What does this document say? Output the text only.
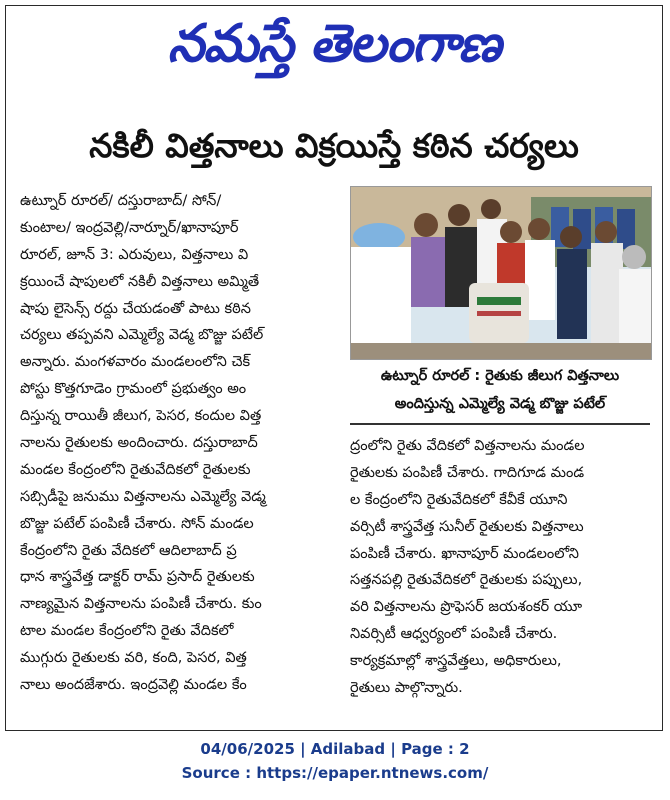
నమస్తే తెలంగాణ
నకిలీ విత్తనాలు విక్రయిస్తే కఠిన చర్యలు
ఉట్నూర్ రూరల్/ దస్తురాబాద్/ సోన్/
కుంటాల/ ఇంద్రవెల్లి/నార్నూర్/ఖానాపూర్
రూరల్, జూన్ 3: ఎరువులు, విత్తనాలు వి
క్రయించే షాపులలో నకిలీ విత్తనాలు అమ్మితే
షాపు లైసెన్స్ రద్దు చేయడంతో పాటు కఠిన
చర్యలు తప్పవని ఎమ్మెల్యే వెడ్మ బొజ్జు పటేల్
అన్నారు. మంగళవారం మండలంలోని చెక్
పోస్టు కొత్తగూడెం గ్రామంలో ప్రభుత్వం అం
దిస్తున్న రాయితీ జీలుగ, పెసర, కందుల విత్త
నాలను రైతులకు అందించారు. దస్తురాబాద్
మండల కేంద్రంలోని రైతువేదికలో రైతులకు
సబ్సిడీపై జనుము విత్తనాలను ఎమ్మెల్యే వెడ్మ
బొజ్జు పటేల్ పంపిణీ చేశారు. సోన్ మండల
కేంద్రంలోని రైతు వేదికలో ఆదిలాబాద్ ప్ర
ధాన శాస్త్రవేత్త డాక్టర్ రామ్ ప్రసాద్ రైతులకు
నాణ్యమైన విత్తనాలను పంపిణీ చేశారు. కుం
టాల మండల కేంద్రంలోని రైతు వేదికలో
ముగ్గురు రైతులకు వరి, కంది, పెసర, విత్త
నాలు అందజేశారు. ఇంద్రవెల్లి మండల కేం
ఉట్నూర్ రూరల్ : రైతుకు జీలుగ విత్తనాలు
అందిస్తున్న ఎమ్మెల్యే వెడ్మ బొజ్జు పటేల్
ద్రంలోని రైతు వేదికలో విత్తనాలను మండల
రైతులకు పంపిణీ చేశారు. గాదిగూడ మండ
ల కేంద్రంలోని రైతువేదికలో కేవీకే యూని
వర్సిటీ శాస్త్రవేత్త సునీల్ రైతులకు విత్తనాలు
పంపిణీ చేశారు. ఖానాపూర్ మండలంలోని
సత్తనపల్లి రైతువేదికలో రైతులకు పప్పులు,
వరి విత్తనాలను ప్రొఫెసర్ జయశంకర్ యూ
నివర్సిటీ ఆధ్వర్యంలో పంపిణీ చేశారు.
కార్యక్రమాల్లో శాస్త్రవేత్తలు, అధికారులు,
రైతులు పాల్గొన్నారు.
04/06/2025 | Adilabad | Page : 2
Source : https://epaper.ntnews.com/
